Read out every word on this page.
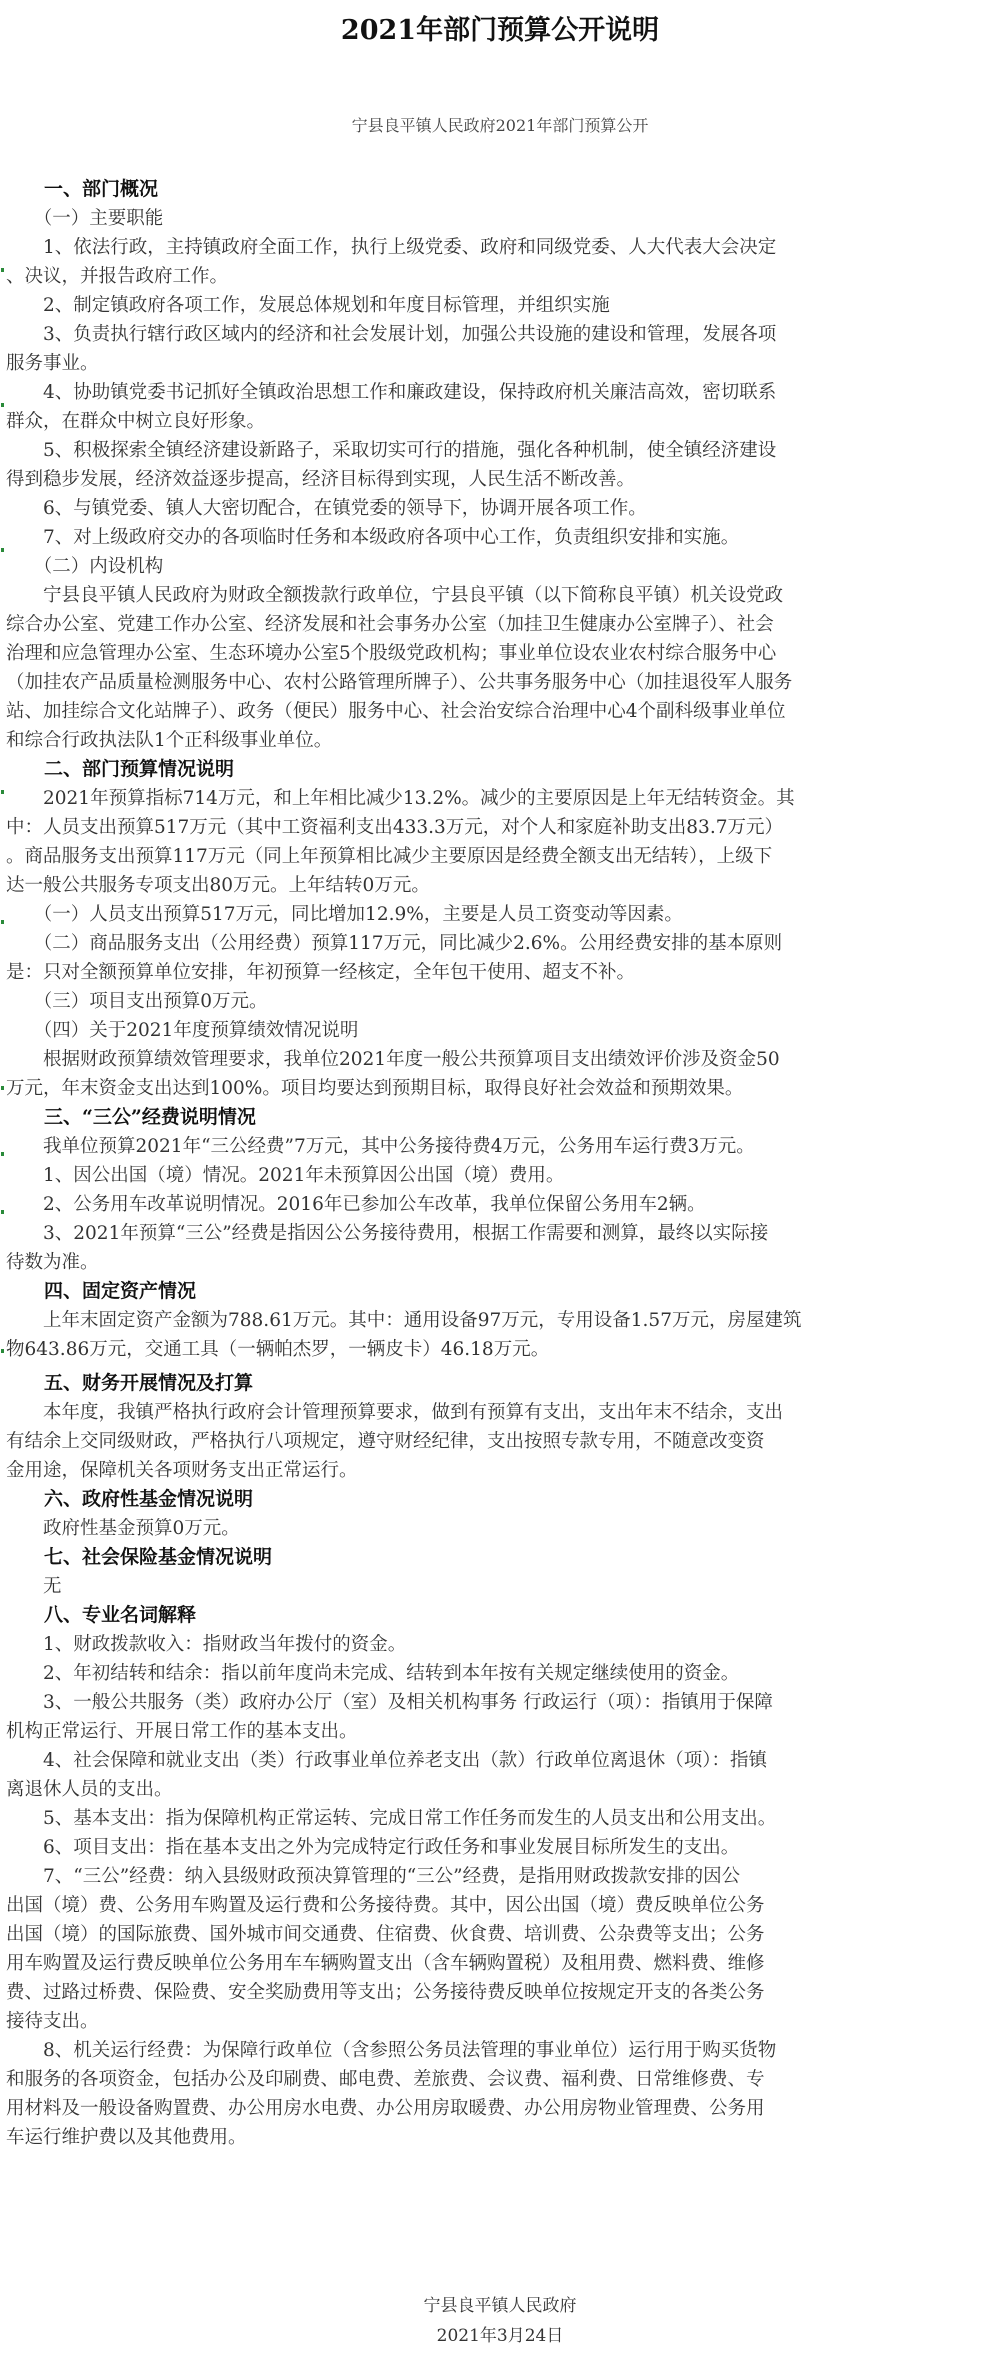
2021年部门预算公开说明
宁县良平镇人民政府2021年部门预算公开
　　一、部门概况
　　（一）主要职能
　　1、依法行政，主持镇政府全面工作，执行上级党委、政府和同级党委、人大代表大会决定
、决议，并报告政府工作。
　　2、制定镇政府各项工作，发展总体规划和年度目标管理，并组织实施
　　3、负责执行辖行政区域内的经济和社会发展计划，加强公共设施的建设和管理，发展各项
服务事业。
　　4、协助镇党委书记抓好全镇政治思想工作和廉政建设，保持政府机关廉洁高效，密切联系
群众，在群众中树立良好形象。
　　5、积极探索全镇经济建设新路子，采取切实可行的措施，强化各种机制，使全镇经济建设
得到稳步发展，经济效益逐步提高，经济目标得到实现，人民生活不断改善。
　　6、与镇党委、镇人大密切配合，在镇党委的领导下，协调开展各项工作。
　　7、对上级政府交办的各项临时任务和本级政府各项中心工作，负责组织安排和实施。
　　（二）内设机构
　　宁县良平镇人民政府为财政全额拨款行政单位，宁县良平镇（以下简称良平镇）机关设党政
综合办公室、党建工作办公室、经济发展和社会事务办公室（加挂卫生健康办公室牌子）、社会
治理和应急管理办公室、生态环境办公室5个股级党政机构；事业单位设农业农村综合服务中心
（加挂农产品质量检测服务中心、农村公路管理所牌子）、公共事务服务中心（加挂退役军人服务
站、加挂综合文化站牌子）、政务（便民）服务中心、社会治安综合治理中心4个副科级事业单位
和综合行政执法队1个正科级事业单位。
　　二、部门预算情况说明
　　2021年预算指标714万元，和上年相比减少13.2%。减少的主要原因是上年无结转资金。其
中：人员支出预算517万元（其中工资福利支出433.3万元，对个人和家庭补助支出83.7万元）
。商品服务支出预算117万元（同上年预算相比减少主要原因是经费全额支出无结转），上级下
达一般公共服务专项支出80万元。上年结转0万元。
　　（一）人员支出预算517万元，同比增加12.9%，主要是人员工资变动等因素。
　　（二）商品服务支出（公用经费）预算117万元，同比减少2.6%。公用经费安排的基本原则
是：只对全额预算单位安排，年初预算一经核定，全年包干使用、超支不补。
　　（三）项目支出预算0万元。
　　（四）关于2021年度预算绩效情况说明
　　根据财政预算绩效管理要求，我单位2021年度一般公共预算项目支出绩效评价涉及资金50
万元，年末资金支出达到100%。项目均要达到预期目标，取得良好社会效益和预期效果。
　　三、“三公”经费说明情况
　　我单位预算2021年“三公经费”7万元，其中公务接待费4万元，公务用车运行费3万元。
　　1、因公出国（境）情况。2021年未预算因公出国（境）费用。
　　2、公务用车改革说明情况。2016年已参加公车改革，我单位保留公务用车2辆。
　　3、2021年预算“三公”经费是指因公公务接待费用，根据工作需要和测算，最终以实际接
待数为准。
　　四、固定资产情况
　　上年末固定资产金额为788.61万元。其中：通用设备97万元，专用设备1.57万元，房屋建筑
物643.86万元，交通工具（一辆帕杰罗，一辆皮卡）46.18万元。
　　五、财务开展情况及打算
　　本年度，我镇严格执行政府会计管理预算要求，做到有预算有支出，支出年末不结余，支出
有结余上交同级财政，严格执行八项规定，遵守财经纪律，支出按照专款专用，不随意改变资
金用途，保障机关各项财务支出正常运行。
　　六、政府性基金情况说明
　　政府性基金预算0万元。
　　七、社会保险基金情况说明
　　无
　　八、专业名词解释
　　1、财政拨款收入：指财政当年拨付的资金。
　　2、年初结转和结余：指以前年度尚未完成、结转到本年按有关规定继续使用的资金。
　　3、一般公共服务（类）政府办公厅（室）及相关机构事务 行政运行（项）：指镇用于保障
机构正常运行、开展日常工作的基本支出。
　　4、社会保障和就业支出（类）行政事业单位养老支出（款）行政单位离退休（项）：指镇
离退休人员的支出。
　　5、基本支出：指为保障机构正常运转、完成日常工作任务而发生的人员支出和公用支出。
　　6、项目支出：指在基本支出之外为完成特定行政任务和事业发展目标所发生的支出。
　　7、“三公”经费：纳入县级财政预决算管理的“三公”经费，是指用财政拨款安排的因公
出国（境）费、公务用车购置及运行费和公务接待费。其中，因公出国（境）费反映单位公务
出国（境）的国际旅费、国外城市间交通费、住宿费、伙食费、培训费、公杂费等支出；公务
用车购置及运行费反映单位公务用车车辆购置支出（含车辆购置税）及租用费、燃料费、维修
费、过路过桥费、保险费、安全奖励费用等支出；公务接待费反映单位按规定开支的各类公务
接待支出。
　　8、机关运行经费：为保障行政单位（含参照公务员法管理的事业单位）运行用于购买货物
和服务的各项资金，包括办公及印刷费、邮电费、差旅费、会议费、福利费、日常维修费、专
用材料及一般设备购置费、办公用房水电费、办公用房取暖费、办公用房物业管理费、公务用
车运行维护费以及其他费用。
宁县良平镇人民政府
2021年3月24日
